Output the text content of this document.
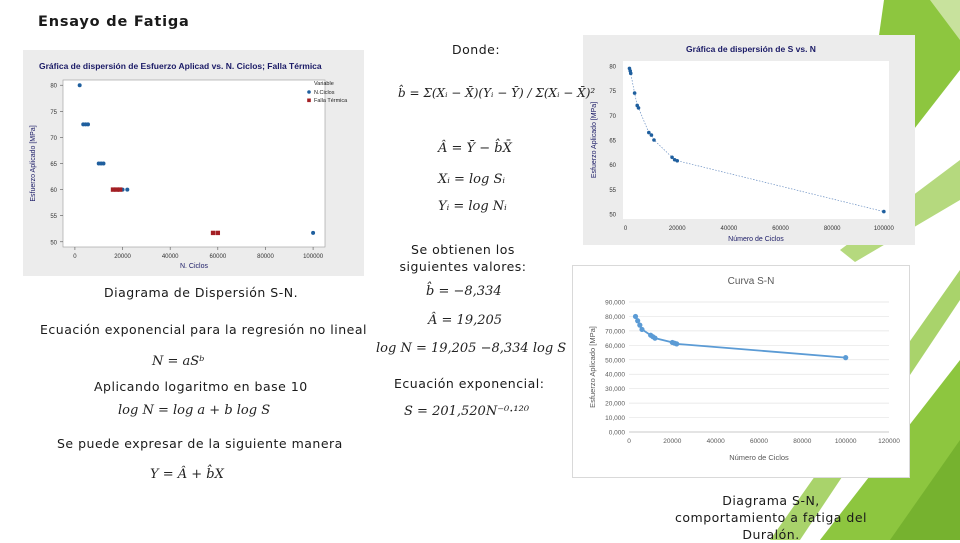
Ensayo de Fatiga
Gráfica de dispersión de Esfuerzo Aplicad vs. N. Ciclos; Falla Térmica
50
55
60
65
70
75
80
0	20000	40000	60000	80000	100000
N. Ciclos
Esfuerzo Aplicado [MPa]
Variable
N.Ciclos
Falla Térmica
Gráfica de dispersión de S vs. N
50
55
60
65
70
75
80
0	20000	40000	60000	80000	100000
Número de Ciclos
Esfuerzo Aplicado [MPa]
Curva S-N
0,000
10,000
20,000
30,000
40,000
50,000
60,000
70,000
80,000
90,000
0	20000	40000	60000	80000	100000	120000
Número de Ciclos
Esfuerzo Aplicado [MPa]
Donde:
Se obtienen los siguientes valores:
Diagrama de Dispersión S-N.
Ecuación exponencial para la regresión no lineal
Aplicando logaritmo en base 10
Se puede expresar de la siguiente manera
Ecuación exponencial:
Diagrama S-N, comportamiento a fatiga del Duralón.
b̂ = Σ(Xᵢ − X̄)(Yᵢ − Ȳ) / Σ(Xᵢ − X̄)²
Â = Ȳ − b̂X̄
Xᵢ = log Sᵢ
Yᵢ = log Nᵢ
b̂ = −8,334
Â = 19,205
log N = 19,205 −8,334 log S
N = aSᵇ
log N = log a + b log S
Y = Â + b̂X
S = 201,520N⁻⁰·¹²⁰
